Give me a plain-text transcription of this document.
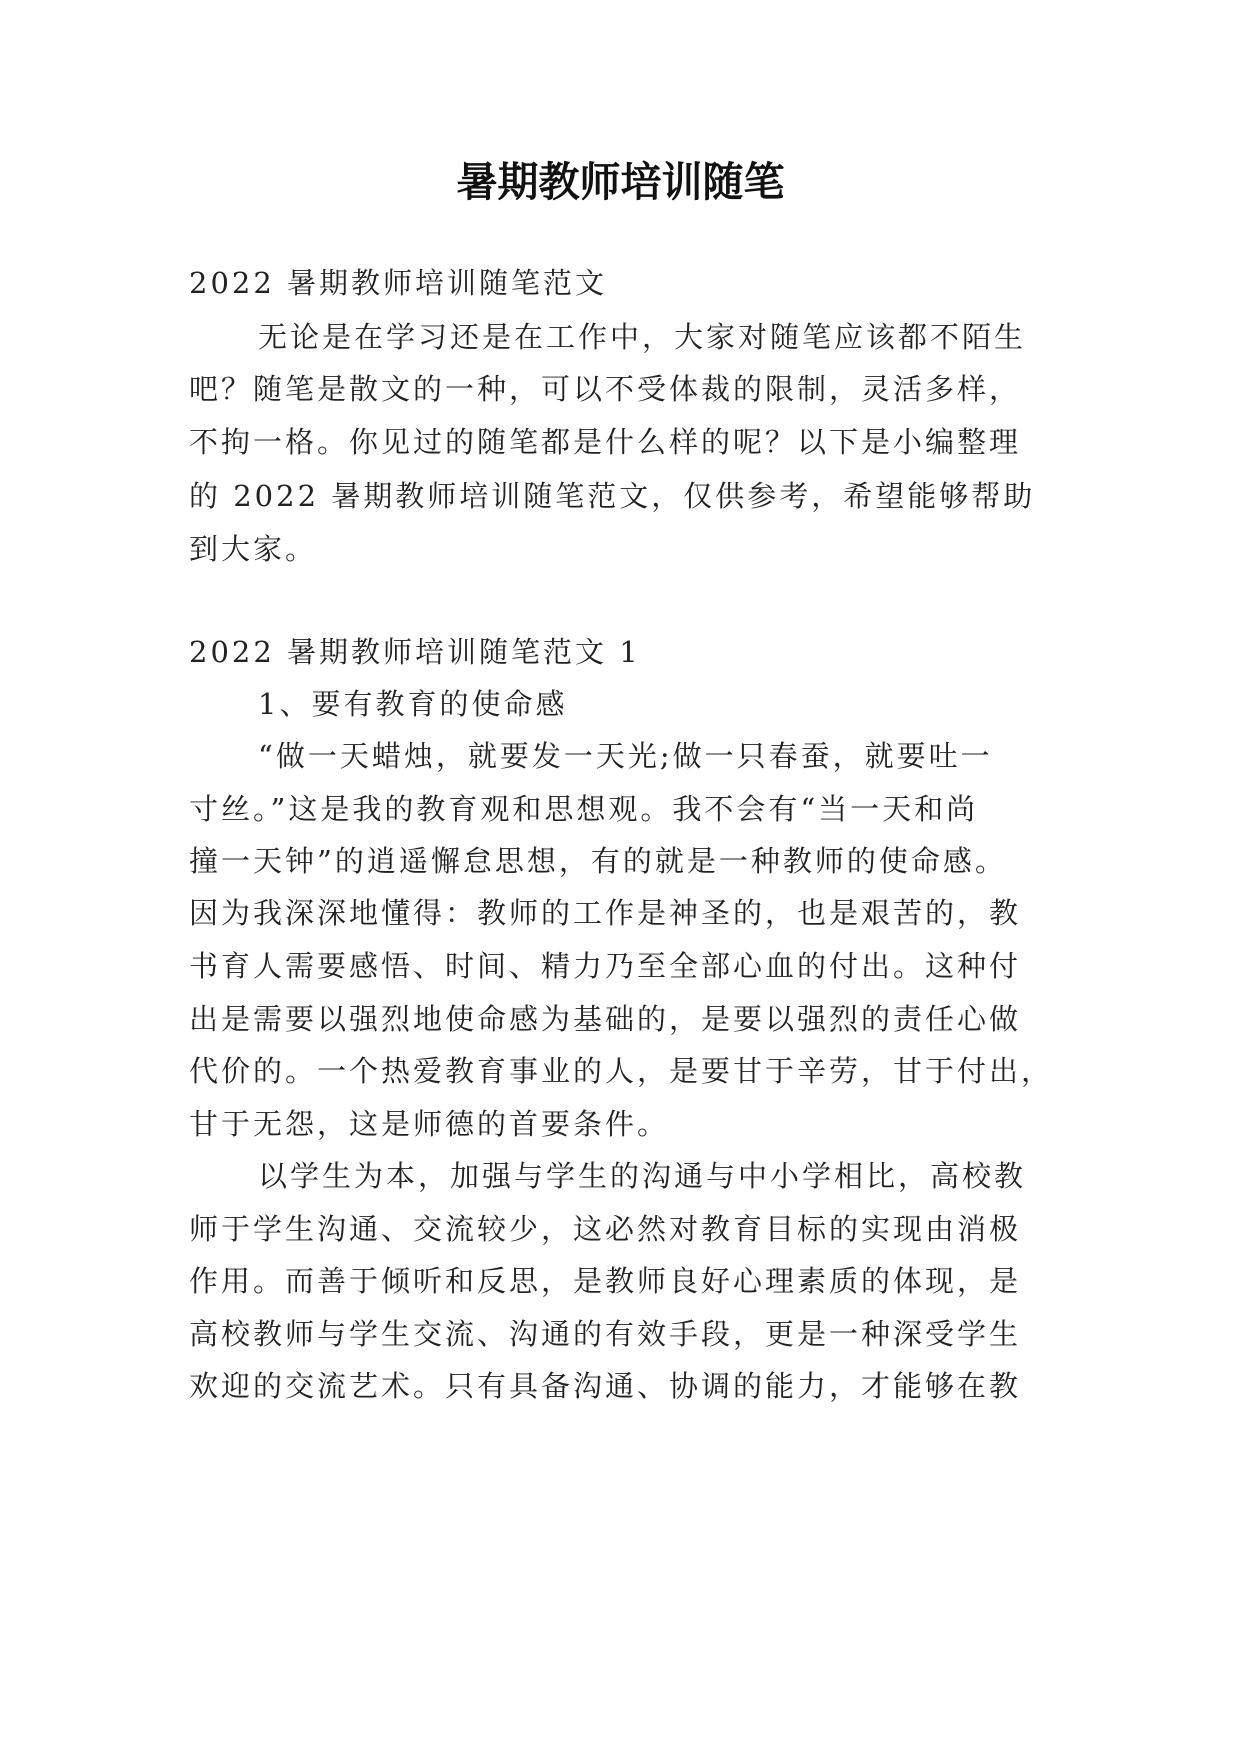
暑期教师培训随笔
2022 暑期教师培训随笔范文
无论是在学习还是在工作中，大家对随笔应该都不陌生
吧？随笔是散文的一种，可以不受体裁的限制，灵活多样，
不拘一格。你见过的随笔都是什么样的呢？以下是小编整理
的 2022 暑期教师培训随笔范文，仅供参考，希望能够帮助
到大家。
2022 暑期教师培训随笔范文 1
1、要有教育的使命感
“做一天蜡烛，就要发一天光;做一只春蚕，就要吐一
寸丝。”这是我的教育观和思想观。我不会有“当一天和尚
撞一天钟”的逍遥懈怠思想，有的就是一种教师的使命感。
因为我深深地懂得：教师的工作是神圣的，也是艰苦的，教
书育人需要感悟、时间、精力乃至全部心血的付出。这种付
出是需要以强烈地使命感为基础的，是要以强烈的责任心做
代价的。一个热爱教育事业的人，是要甘于辛劳，甘于付出，
甘于无怨，这是师德的首要条件。
以学生为本，加强与学生的沟通与中小学相比，高校教
师于学生沟通、交流较少，这必然对教育目标的实现由消极
作用。而善于倾听和反思，是教师良好心理素质的体现，是
高校教师与学生交流、沟通的有效手段，更是一种深受学生
欢迎的交流艺术。只有具备沟通、协调的能力，才能够在教
